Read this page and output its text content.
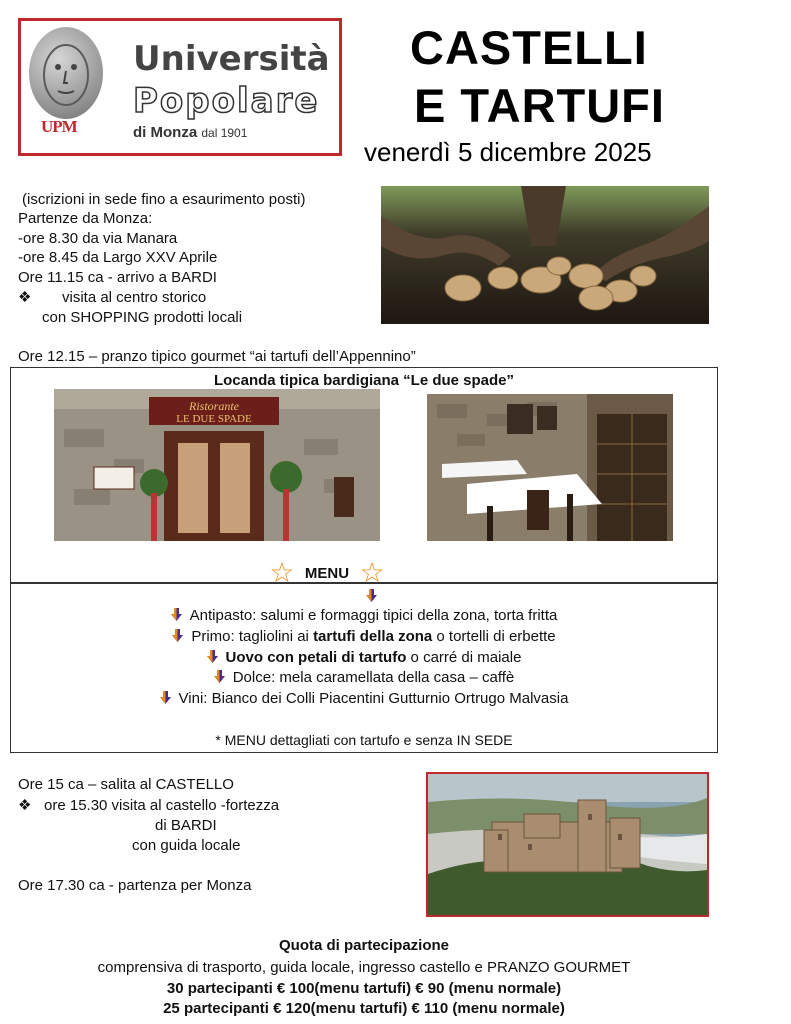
UPM
Università
Popolare
di Monza dal 1901
CASTELLI
E TARTUFI
venerdì 5 dicembre 2025
(iscrizioni in sede fino a esaurimento posti)
Partenze da Monza:
-ore 8.30 da via Manara
-ore 8.45 da Largo XXV Aprile
Ore 11.15 ca - arrivo a BARDI
❖ visita al centro storico
con SHOPPING prodotti locali
Ore 12.15 – pranzo tipico gourmet “ai tartufi dell’Appennino”
Locanda tipica bardigiana “Le due spade”
Ristorante
LE DUE SPADE
☆ MENU ☆
Antipasto: salumi e formaggi tipici della zona, torta fritta
Primo: tagliolini ai tartufi della zona o tortelli di erbette
Uovo con petali di tartufo o carré di maiale
Dolce: mela caramellata della casa – caffè
Vini: Bianco dei Colli Piacentini Gutturnio Ortrugo Malvasia
* MENU dettagliati con tartufo e senza IN SEDE
Ore 15 ca – salita al CASTELLO
❖ ore 15.30 visita al castello -fortezza
di BARDI
con guida locale
Ore 17.30 ca - partenza per Monza
Quota di partecipazione
comprensiva di trasporto, guida locale, ingresso castello e PRANZO GOURMET
30 partecipanti € 100(menu tartufi) € 90 (menu normale)
25 partecipanti € 120(menu tartufi) € 110 (menu normale)
